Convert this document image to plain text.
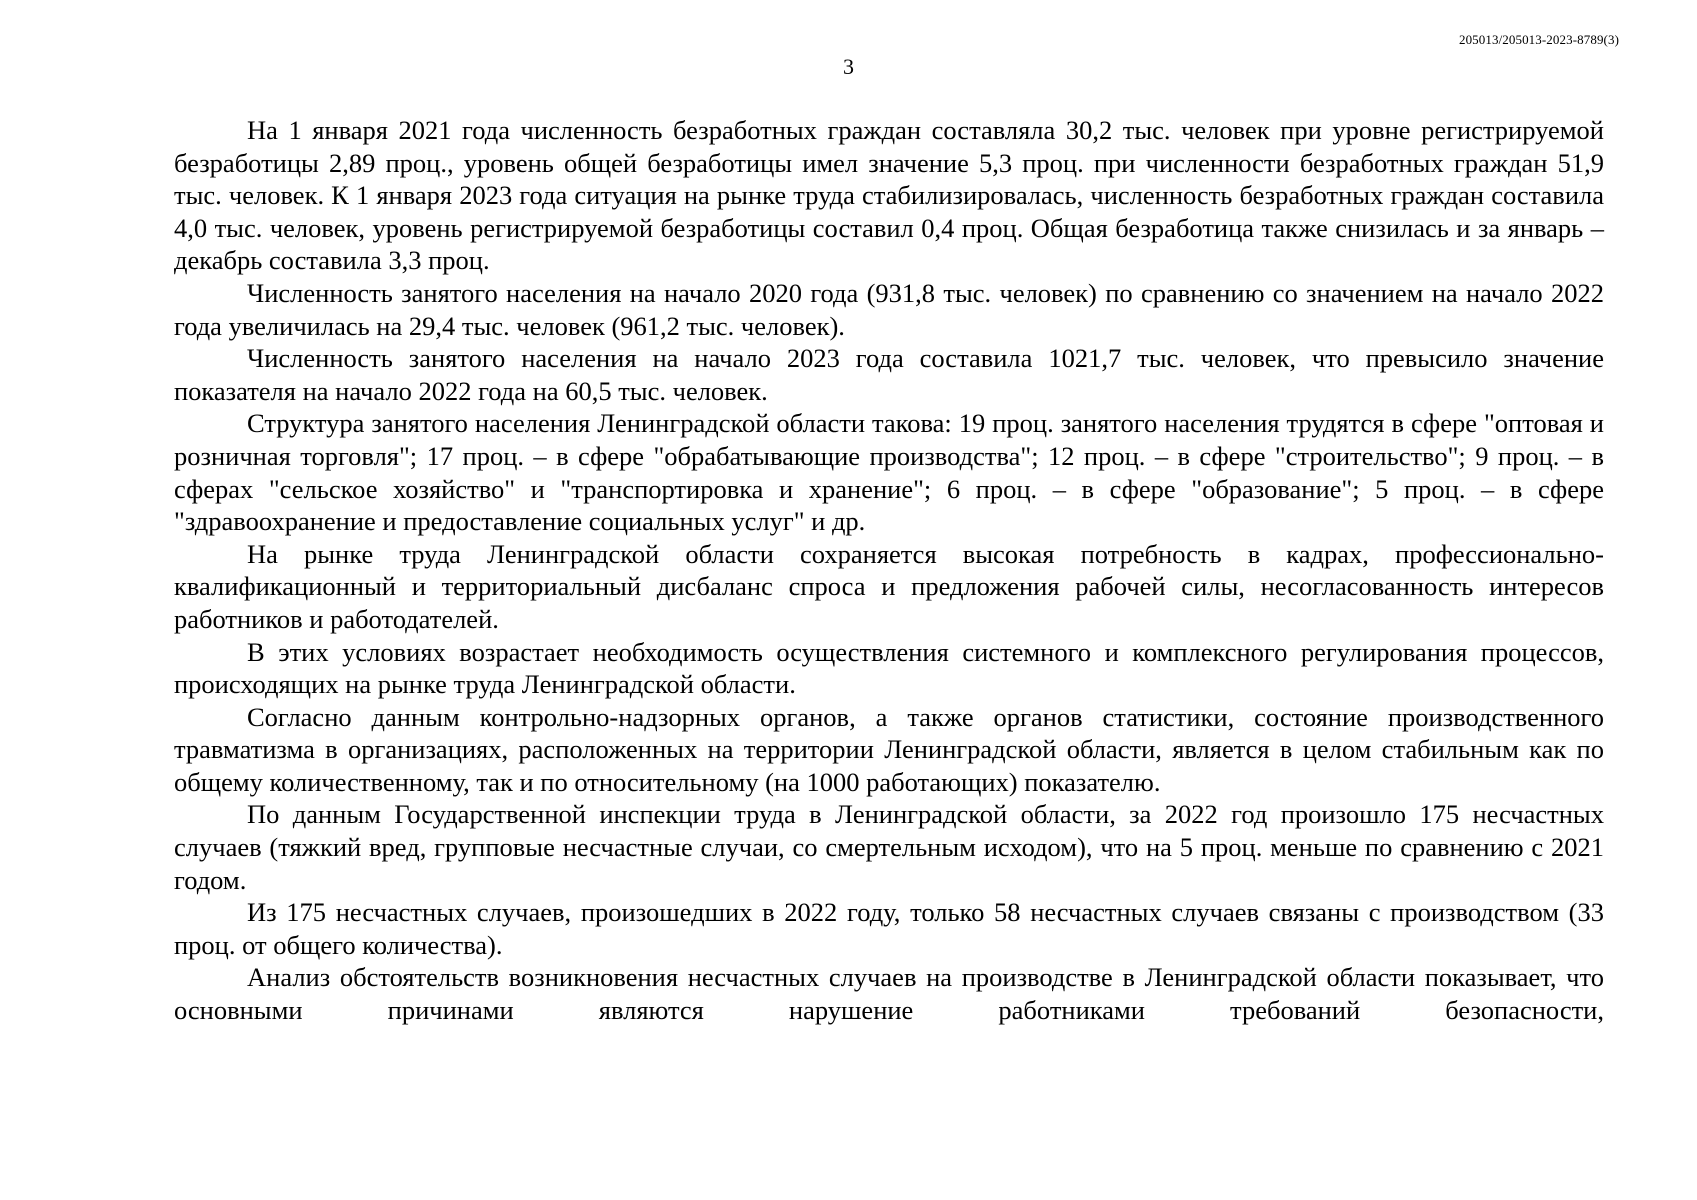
205013/205013-2023-8789(3)
3

На 1 января 2021 года численность безработных граждан составляла 30,2 тыс. человек при уровне регистрируемой безработицы 2,89 проц., уровень общей безработицы имел значение 5,3 проц. при численности безработных граждан 51,9 тыс. человек. К 1 января 2023 года ситуация на рынке труда стабилизировалась, численность безработных граждан составила 4,0 тыс. человек, уровень регистрируемой безработицы составил 0,4 проц. Общая безработица также снизилась и за январь – декабрь составила 3,3 проц.

Численность занятого населения на начало 2020 года (931,8 тыс. человек) по сравнению со значением на начало 2022 года увеличилась на 29,4 тыс. человек (961,2 тыс. человек).

Численность занятого населения на начало 2023 года составила 1021,7 тыс. человек, что превысило значение показателя на начало 2022 года на 60,5 тыс. человек.

Структура занятого населения Ленинградской области такова: 19 проц. занятого населения трудятся в сфере "оптовая и розничная торговля"; 17 проц. – в сфере "обрабатывающие производства"; 12 проц. – в сфере "строительство"; 9 проц. – в сферах "сельское хозяйство" и "транспортировка и хранение"; 6 проц. – в сфере "образование"; 5 проц. – в сфере "здравоохранение и предоставление социальных услуг" и др.

На рынке труда Ленинградской области сохраняется высокая потребность в кадрах, профессионально-квалификационный и территориальный дисбаланс спроса и предложения рабочей силы, несогласованность интересов работников и работодателей.

В этих условиях возрастает необходимость осуществления системного и комплексного регулирования процессов, происходящих на рынке труда Ленинградской области.

Согласно данным контрольно-надзорных органов, а также органов статистики, состояние производственного травматизма в организациях, расположенных на территории Ленинградской области, является в целом стабильным как по общему количественному, так и по относительному (на 1000 работающих) показателю.

По данным Государственной инспекции труда в Ленинградской области, за 2022 год произошло 175 несчастных случаев (тяжкий вред, групповые несчастные случаи, со смертельным исходом), что на 5 проц. меньше по сравнению с 2021 годом.

Из 175 несчастных случаев, произошедших в 2022 году, только 58 несчастных случаев связаны с производством (33 проц. от общего количества).

Анализ обстоятельств возникновения несчастных случаев на производстве в Ленинградской области показывает, что основными причинами являются нарушение работниками требований безопасности,
